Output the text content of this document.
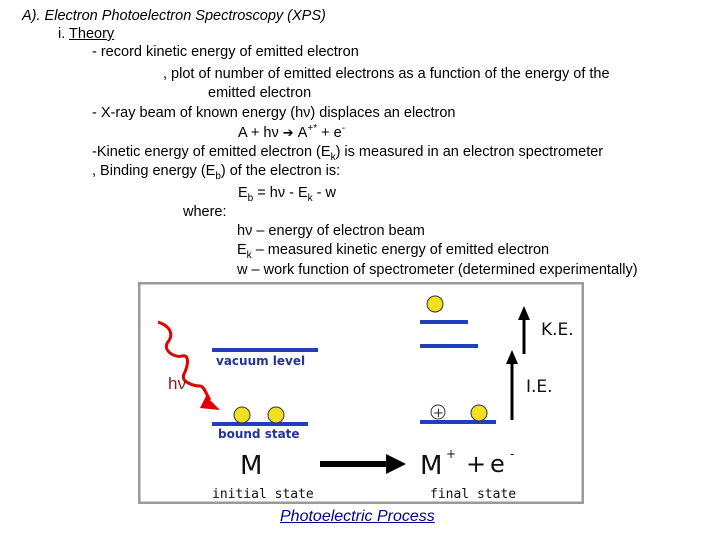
A). Electron Photoelectron Spectroscopy (XPS)
i. Theory
- record kinetic energy of emitted electron
, plot of number of emitted electrons as a function of the energy of the
emitted electron
- X-ray beam of known energy (hν) displaces an electron
A + hν ➔ A+* + e-
-Kinetic energy of emitted electron $(E_k)$ is measured in an electron spectrometer
, Binding energy $(E_b)$ of the electron is:
$E_b = h\nu - E_k - w$
where:
hν – energy of electron beam
$E_k$ – measured kinetic energy of emitted electron
w – work function of spectrometer (determined experimentally)
hν
vacuum level
bound state
M
+
K.E.
I.E.
M + + e -
initial state	final state
Photoelectric Process
